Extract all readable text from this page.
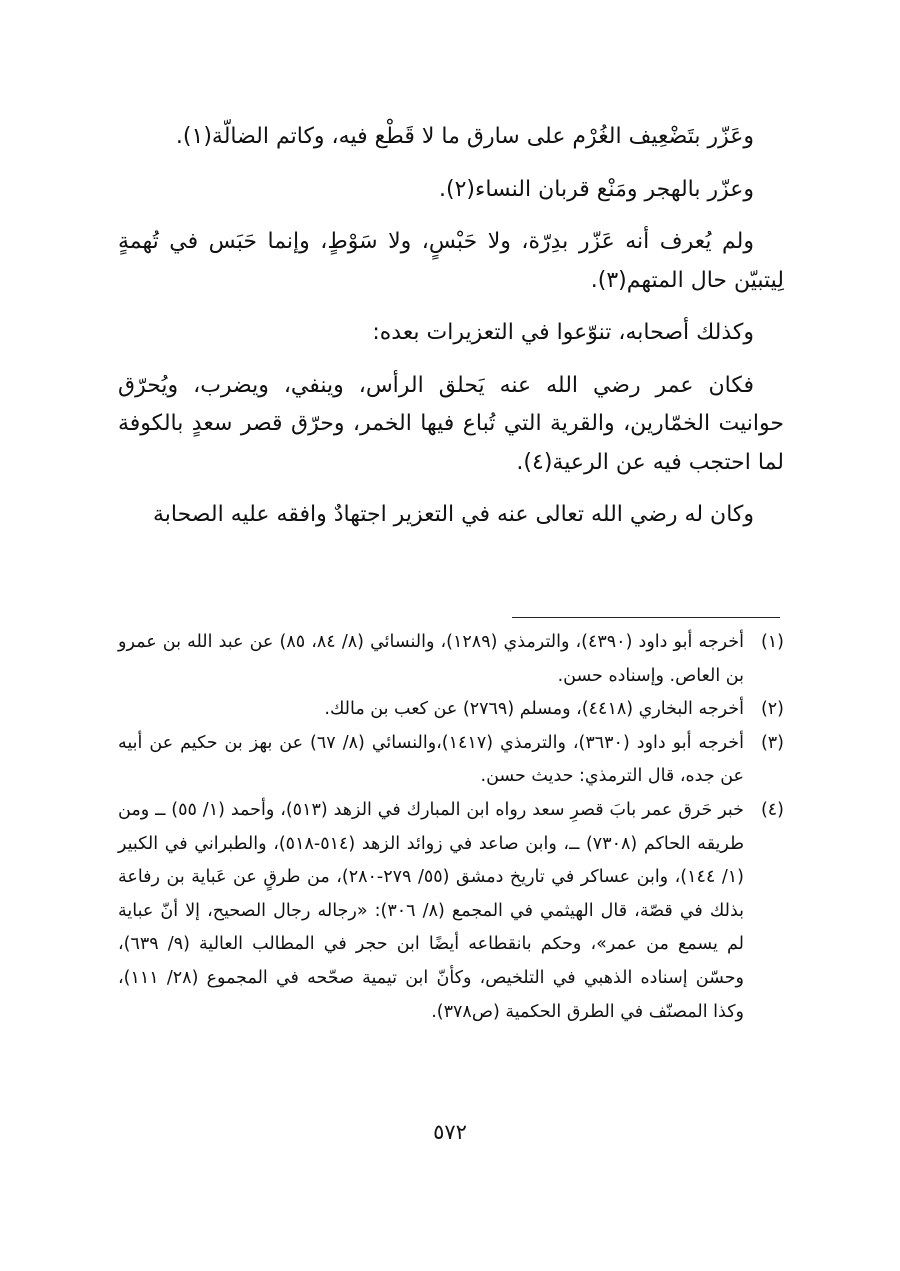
وعَزّر بتَضْعِيف الغُرْم على سارق ما لا قَطْع فيه، وكاتم الضالّة(١).

وعزّر بالهجر ومَنْع قربان النساء(٢).

ولم يُعرف أنه عَزّر بدِرّة، ولا حَبْسٍ، ولا سَوْطٍ، وإنما حَبَس في تُهمةٍ لِيتبيّن حال المتهم(٣).

وكذلك أصحابه، تنوّعوا في التعزيرات بعده:

فكان عمر رضي الله عنه يَحلق الرأس، وينفي، ويضرب، ويُحرّق حوانيت الخمّارين، والقرية التي تُباع فيها الخمر، وحرّق قصر سعدٍ بالكوفة لما احتجب فيه عن الرعية(٤).

وكان له رضي الله تعالى عنه في التعزير اجتهادٌ وافقه عليه الصحابة

(١)
أخرجه أبو داود (٤٣٩٠)، والترمذي (١٢٨٩)، والنسائي (٨/ ٨٤، ٨٥) عن عبد الله بن عمرو بن العاص. وإسناده حسن.
(٢)
أخرجه البخاري (٤٤١٨)، ومسلم (٢٧٦٩) عن كعب بن مالك.
(٣)
أخرجه أبو داود (٣٦٣٠)، والترمذي (١٤١٧)،والنسائي (٨/ ٦٧) عن بهز بن حكيم عن أبيه عن جده، قال الترمذي: حديث حسن.
(٤)
خبر حَرق عمر بابَ قصرِ سعد رواه ابن المبارك في الزهد (٥١٣)، وأحمد (١/ ٥٥) ــ ومن طريقه الحاكم (٧٣٠٨) ــ، وابن صاعد في زوائد الزهد (٥١٤-٥١٨)، والطبراني في الكبير (١/ ١٤٤)، وابن عساكر في تاريخ دمشق (٥٥/ ٢٧٩-٢٨٠)، من طرقٍ عن عَباية بن رفاعة بذلك في قصّة، قال الهيثمي في المجمع (٨/ ٣٠٦): «رجاله رجال الصحيح، إلا أنّ عباية لم يسمع من عمر»، وحكم بانقطاعه أيضًا ابن حجر في المطالب العالية (٩/ ٦٣٩)، وحسّن إسناده الذهبي في التلخيص، وكأنّ ابن تيمية صحّحه في المجموع (٢٨/ ١١١)، وكذا المصنّف في الطرق الحكمية (ص٣٧٨).
٥٧٢
